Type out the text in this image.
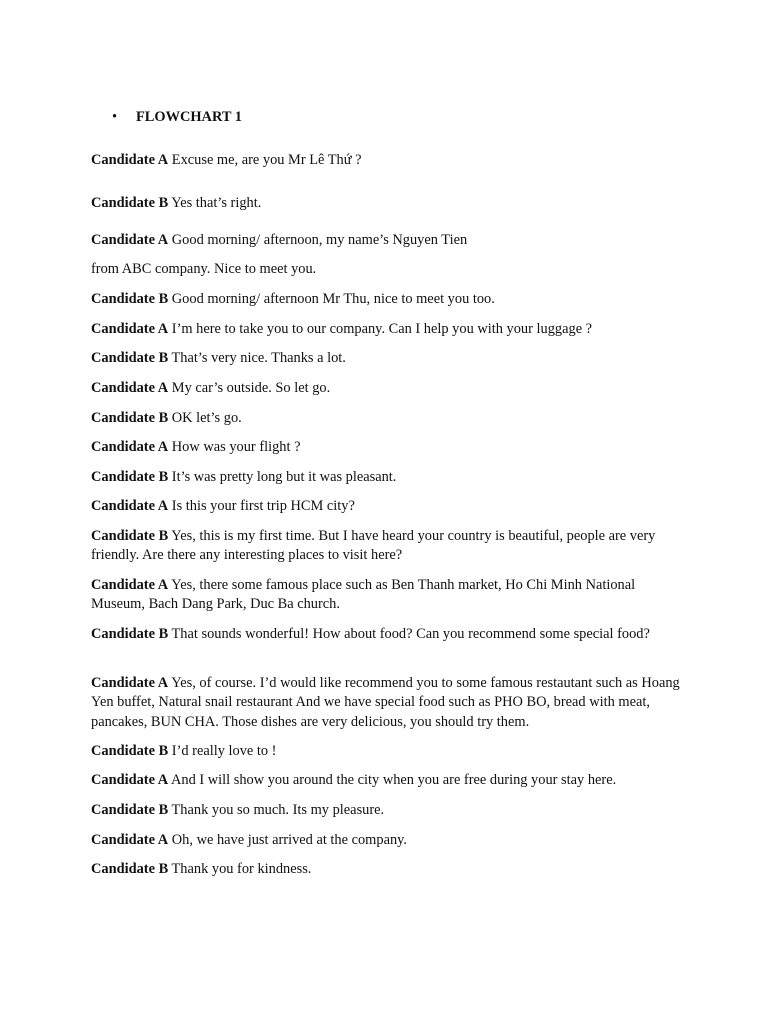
• FLOWCHART 1
Candidate A Excuse me, are you Mr Lê Thứ ?
Candidate B Yes that’s right.
Candidate A Good morning/ afternoon, my name’s Nguyen Tien
from ABC company. Nice to meet you.
Candidate B Good morning/ afternoon Mr Thu, nice to meet you too.
Candidate A I’m here to take you to our company. Can I help you with your luggage ?
Candidate B That’s very nice. Thanks a lot.
Candidate A My car’s outside. So let go.
Candidate B OK let’s go.
Candidate A How was your flight ?
Candidate B It’s was pretty long but it was pleasant.
Candidate A Is this your first trip HCM city?
Candidate B Yes, this is my first time. But I have heard your country is beautiful, people are very friendly. Are there any interesting places to visit here?
Candidate A Yes, there some famous place such as Ben Thanh market, Ho Chi Minh National Museum, Bach Dang Park, Duc Ba church.
Candidate B That sounds wonderful! How about food? Can you recommend some special food?
Candidate A Yes, of course. I’d would like recommend you to some famous restautant such as Hoang Yen buffet, Natural snail restaurant And we have special food such as PHO BO, bread with meat, pancakes, BUN CHA. Those dishes are very delicious, you should try them.
Candidate B I’d really love to !
Candidate A And I will show you around the city when you are free during your stay here.
Candidate B Thank you so much. Its my pleasure.
Candidate A Oh, we have just arrived at the company.
Candidate B Thank you for kindness.
